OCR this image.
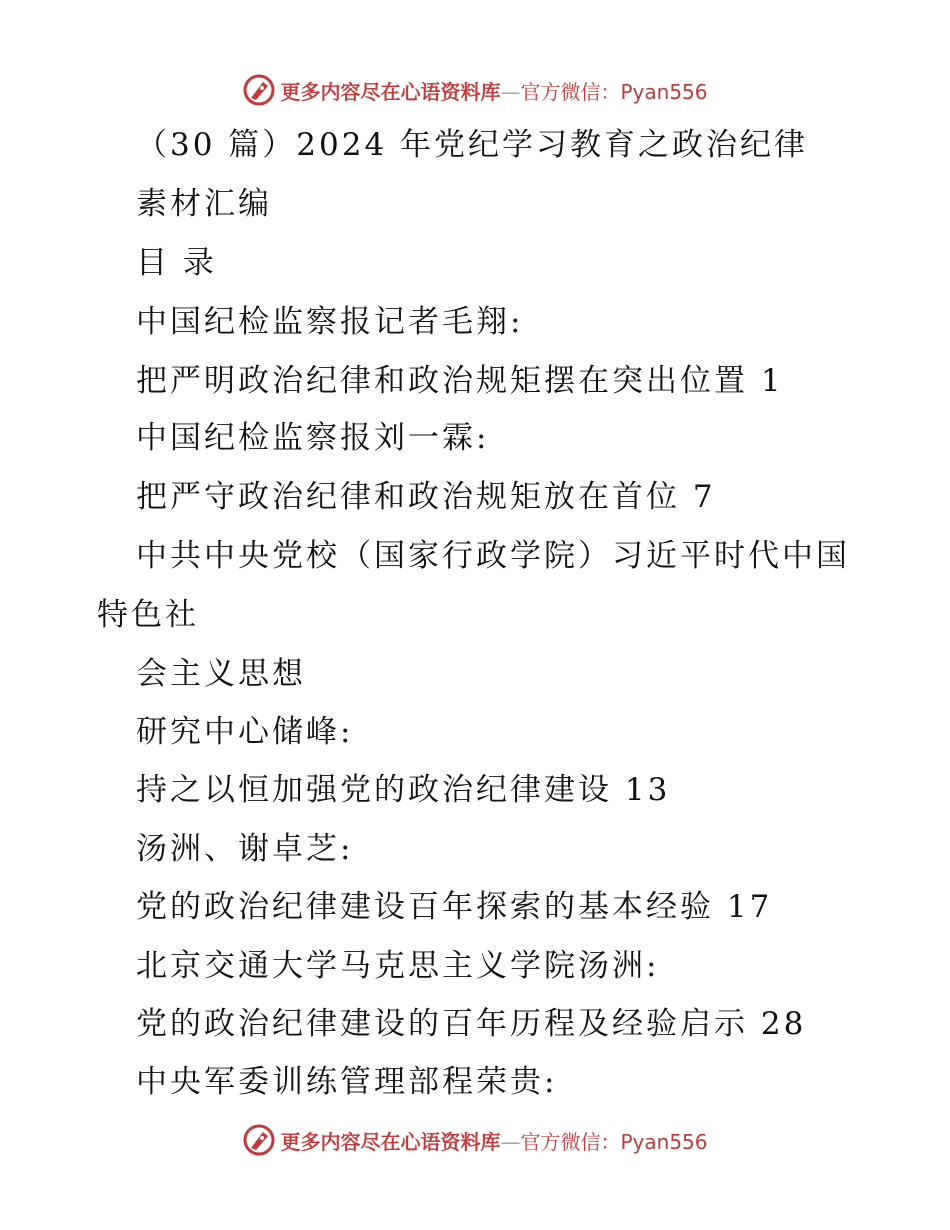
更多内容尽在心语资料库—官方微信：Pyan556
（30 篇）2024 年党纪学习教育之政治纪律
素材汇编
目 录
中国纪检监察报记者毛翔:
把严明政治纪律和政治规矩摆在突出位置 1
中国纪检监察报刘一霖:
把严守政治纪律和政治规矩放在首位 7
中共中央党校（国家行政学院）习近平时代中国
特色社
会主义思想
研究中心储峰:
持之以恒加强党的政治纪律建设 13
汤洲、谢卓芝:
党的政治纪律建设百年探索的基本经验 17
北京交通大学马克思主义学院汤洲:
党的政治纪律建设的百年历程及经验启示 28
中央军委训练管理部程荣贵:
更多内容尽在心语资料库—官方微信：Pyan556
